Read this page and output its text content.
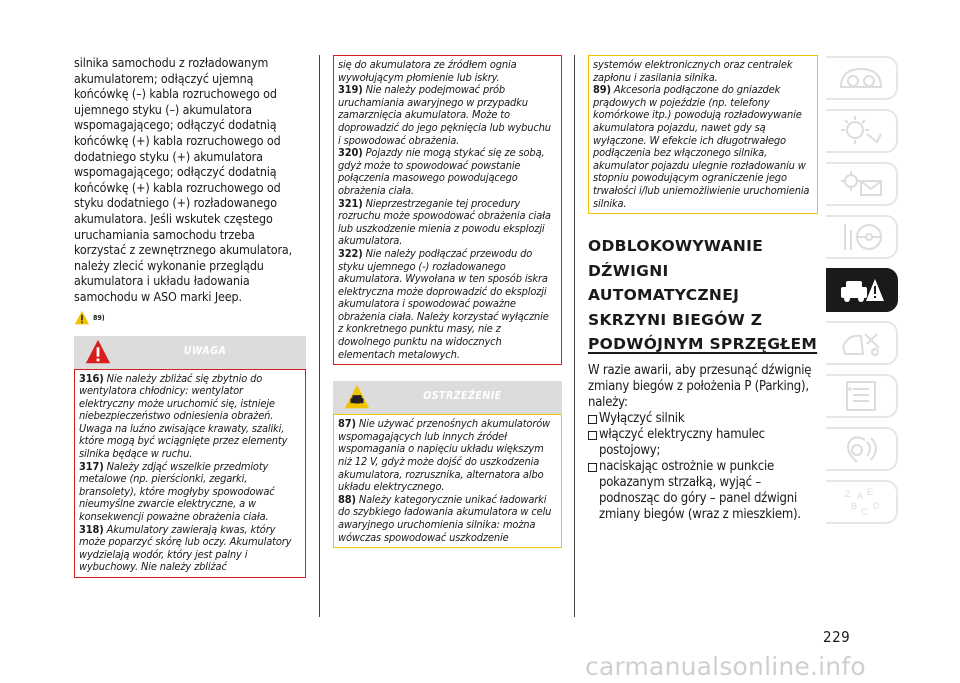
silnika samochodu z rozładowanym akumulatorem; odłączyć ujemną końcówkę (–) kabla rozruchowego od ujemnego styku (–) akumulatora wspomagającego; odłączyć dodatnią końcówkę (+) kabla rozruchowego od dodatniego styku (+) akumulatora wspomagającego; odłączyć dodatnią końcówkę (+) kabla rozruchowego od styku dodatniego (+) rozładowanego akumulatora. Jeśli wskutek częstego uruchamiania samochodu trzeba korzystać z zewnętrznego akumulatora, należy zlecić wykonanie przeglądu akumulatora i układu ładowania samochodu w ASO marki Jeep.

89)
UWAGA

316) Nie należy zbliżać się zbytnio do wentylatora chłodnicy: wentylator elektryczny może uruchomić się, istnieje niebezpieczeństwo odniesienia obrażeń. Uwaga na luźno zwisające krawaty, szaliki, które mogą być wciągnięte przez elementy silnika będące w ruchu.

317) Należy zdjąć wszelkie przedmioty metalowe (np. pierścionki, zegarki, bransolety), które mogłyby spowodować nieumyślne zwarcie elektryczne, a w konsekwencji poważne obrażenia ciała.

318) Akumulatory zawierają kwas, który może poparzyć skórę lub oczy. Akumulatory wydzielają wodór, który jest palny i wybuchowy. Nie należy zbliżać

się do akumulatora ze źródłem ognia wywołującym płomienie lub iskry.

319) Nie należy podejmować prób uruchamiania awaryjnego w przypadku zamarznięcia akumulatora. Może to doprowadzić do jego pęknięcia lub wybuchu i spowodować obrażenia.

320) Pojazdy nie mogą stykać się ze sobą, gdyż może to spowodować powstanie połączenia masowego powodującego obrażenia ciała.

321) Nieprzestrzeganie tej procedury rozruchu może spowodować obrażenia ciała lub uszkodzenie mienia z powodu eksplozji akumulatora.

322) Nie należy podłączać przewodu do styku ujemnego (-) rozładowanego akumulatora. Wywołana w ten sposób iskra elektryczna może doprowadzić do eksplozji akumulatora i spowodować poważne obrażenia ciała. Należy korzystać wyłącznie z konkretnego punktu masy, nie z dowolnego punktu na widocznych elementach metalowych.

OSTRZEŻENIE

87) Nie używać przenośnych akumulatorów wspomagających lub innych źródeł wspomagania o napięciu układu większym niż 12 V, gdyż może dojść do uszkodzenia akumulatora, rozrusznika, alternatora albo układu elektrycznego.

88) Należy kategorycznie unikać ładowarki do szybkiego ładowania akumulatora w celu awaryjnego uruchomienia silnika: można wówczas spowodować uszkodzenie

systemów elektronicznych oraz centralek zapłonu i zasilania silnika.

89) Akcesoria podłączone do gniazdek prądowych w pojeździe (np. telefony komórkowe itp.) powodują rozładowywanie akumulatora pojazdu, nawet gdy są wyłączone. W efekcie ich długotrwałego podłączenia bez włączonego silnika, akumulator pojazdu ulegnie rozładowaniu w stopniu powodującym ograniczenie jego trwałości i/lub uniemożliwienie uruchomienia silnika.

ODBLOKOWYWANIE
DŹWIGNI
AUTOMATYCZNEJ
SKRZYNI BIEGÓW Z
PODWÓJNYM SPRZĘGŁEM

W razie awarii, aby przesunąć dźwignię zmiany biegów z położenia P (Parking), należy:

Wyłączyć silnik
włączyć elektryczny hamulec postojowy;
naciskając ostrożnie w punkcie pokazanym strzałką, wyjąć – podnosząc do góry – panel dźwigni zmiany biegów (wraz z mieszkiem).
Z E
B
C
D
A
229
carmanualsonline.info
